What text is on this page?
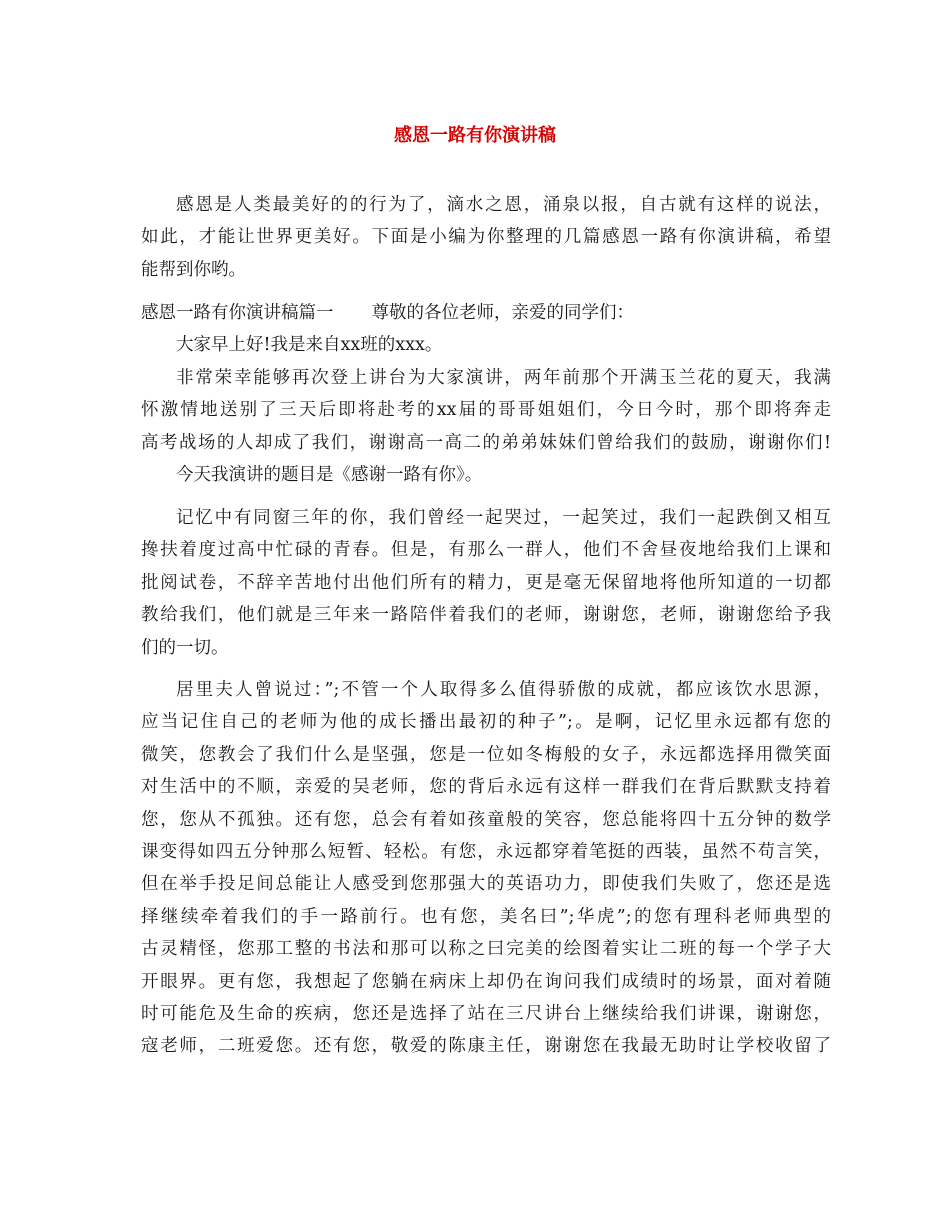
感恩一路有你演讲稿
感恩是人类最美好的的行为了，滴水之恩，涌泉以报，自古就有这样的说法，
如此，才能让世界更美好。下面是小编为你整理的几篇感恩一路有你演讲稿，希望
能帮到你哟。
感恩一路有你演讲稿篇一 尊敬的各位老师，亲爱的同学们：
大家早上好!我是来自xx班的xxx。
非常荣幸能够再次登上讲台为大家演讲，两年前那个开满玉兰花的夏天，我满
怀激情地送别了三天后即将赴考的xx届的哥哥姐姐们，今日今时，那个即将奔走
高考战场的人却成了我们，谢谢高一高二的弟弟妹妹们曾给我们的鼓励，谢谢你们!
今天我演讲的题目是《感谢一路有你》。
记忆中有同窗三年的你，我们曾经一起哭过，一起笑过，我们一起跌倒又相互
搀扶着度过高中忙碌的青春。但是，有那么一群人，他们不舍昼夜地给我们上课和
批阅试卷，不辞辛苦地付出他们所有的精力，更是毫无保留地将他所知道的一切都
教给我们，他们就是三年来一路陪伴着我们的老师，谢谢您，老师，谢谢您给予我
们的一切。
居里夫人曾说过：”;不管一个人取得多么值得骄傲的成就，都应该饮水思源，
应当记住自己的老师为他的成长播出最初的种子”;。是啊，记忆里永远都有您的
微笑，您教会了我们什么是坚强，您是一位如冬梅般的女子，永远都选择用微笑面
对生活中的不顺，亲爱的吴老师，您的背后永远有这样一群我们在背后默默支持着
您，您从不孤独。还有您，总会有着如孩童般的笑容，您总能将四十五分钟的数学
课变得如四五分钟那么短暂、轻松。有您，永远都穿着笔挺的西装，虽然不苟言笑，
但在举手投足间总能让人感受到您那强大的英语功力，即使我们失败了，您还是选
择继续牵着我们的手一路前行。也有您，美名曰”;华虎”;的您有理科老师典型的
古灵精怪，您那工整的书法和那可以称之曰完美的绘图着实让二班的每一个学子大
开眼界。更有您，我想起了您躺在病床上却仍在询问我们成绩时的场景，面对着随
时可能危及生命的疾病，您还是选择了站在三尺讲台上继续给我们讲课，谢谢您，
寇老师，二班爱您。还有您，敬爱的陈康主任，谢谢您在我最无助时让学校收留了
